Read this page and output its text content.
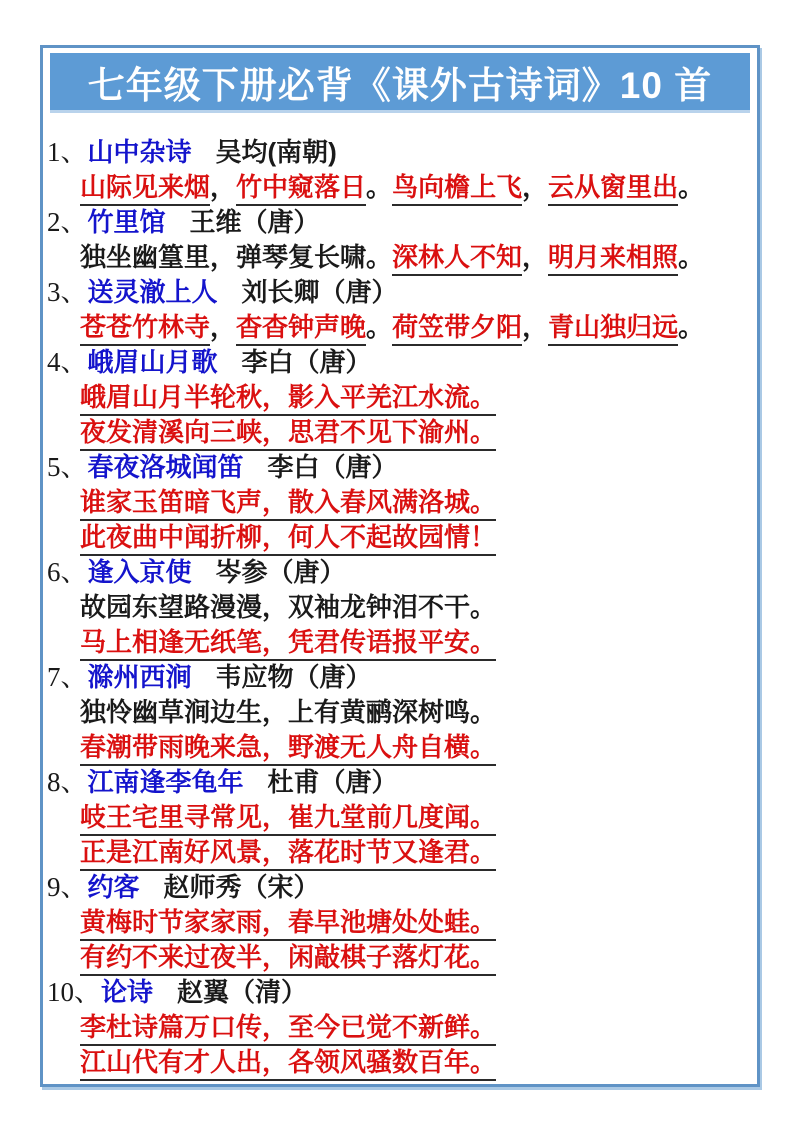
七年级下册必背《课外古诗词》10 首
1、山中杂诗 吴均(南朝)
山际见来烟，竹中窥落日。鸟向檐上飞，云从窗里出。
2、竹里馆 王维（唐）
独坐幽篁里，弹琴复长啸。深林人不知，明月来相照。
3、送灵澈上人 刘长卿（唐）
苍苍竹林寺，杳杳钟声晚。荷笠带夕阳，青山独归远。
4、峨眉山月歌 李白（唐）
峨眉山月半轮秋，影入平羌江水流。
夜发清溪向三峡，思君不见下渝州。
5、春夜洛城闻笛 李白（唐）
谁家玉笛暗飞声，散入春风满洛城。
此夜曲中闻折柳，何人不起故园情！
6、逢入京使 岑参（唐）
故园东望路漫漫，双袖龙钟泪不干。
马上相逢无纸笔，凭君传语报平安。
7、滁州西涧 韦应物（唐）
独怜幽草涧边生，上有黄鹂深树鸣。
春潮带雨晚来急，野渡无人舟自横。
8、江南逢李龟年 杜甫（唐）
岐王宅里寻常见，崔九堂前几度闻。
正是江南好风景，落花时节又逢君。
9、约客 赵师秀（宋）
黄梅时节家家雨，春早池塘处处蛙。
有约不来过夜半，闲敲棋子落灯花。
10、论诗 赵翼（清）
李杜诗篇万口传，至今已觉不新鲜。
江山代有才人出，各领风骚数百年。
